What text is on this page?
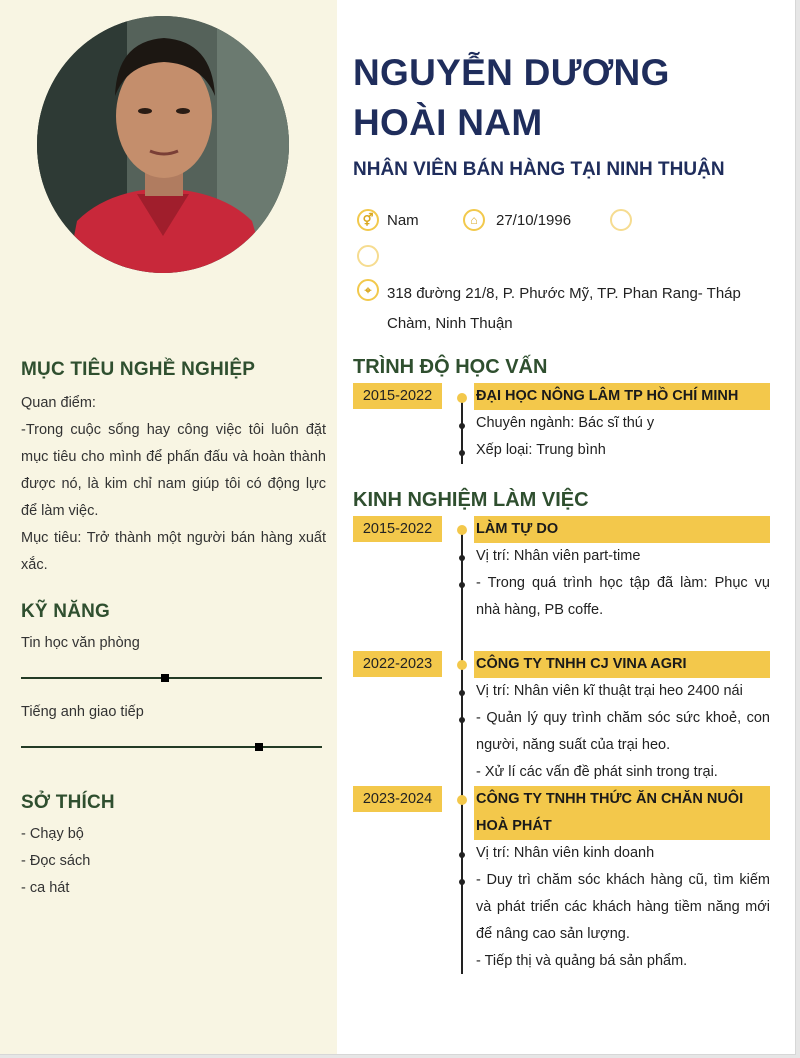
MỤC TIÊU NGHỀ NGHIỆP
Quan điểm:
-Trong cuộc sống hay công việc tôi luôn đặt mục tiêu cho mình để phấn đấu và hoàn thành được nó, là kim chỉ nam giúp tôi có động lực để làm việc.
Mục tiêu: Trở thành một người bán hàng xuất xắc.
KỸ NĂNG
Tin học văn phòng
Tiếng anh giao tiếp
SỞ THÍCH
- Chạy bộ
- Đọc sách
- ca hát
NGUYỄN DƯƠNG HOÀI NAM
NHÂN VIÊN BÁN HÀNG TẠI NINH THUẬN
⚥ Nam	⌂	27/10/1996
⌖	318 đường 21/8, P. Phước Mỹ, TP. Phan Rang- Tháp Chàm, Ninh Thuận
TRÌNH ĐỘ HỌC VẤN
2015-2022	ĐẠI HỌC NÔNG LÂM TP HỒ CHÍ MINH
Chuyên ngành: Bác sĩ thú y
Xếp loại: Trung bình
KINH NGHIỆM LÀM VIỆC
2015-2022	LÀM TỰ DO
Vị trí: Nhân viên part-time
- Trong quá trình học tập đã làm: Phục vụ nhà hàng, PB coffe.
2022-2023	CÔNG TY TNHH CJ VINA AGRI
Vị trí: Nhân viên kĩ thuật trại heo 2400 nái
- Quản lý quy trình chăm sóc sức khoẻ, con người, năng suất của trại heo.
- Xử lí các vấn đề phát sinh trong trại.
2023-2024	CÔNG TY TNHH THỨC ĂN CHĂN NUÔI HOÀ PHÁT
Vị trí: Nhân viên kinh doanh
- Duy trì chăm sóc khách hàng cũ, tìm kiếm và phát triển các khách hàng tiềm năng mới để nâng cao sản lượng.
- Tiếp thị và quảng bá sản phẩm.
